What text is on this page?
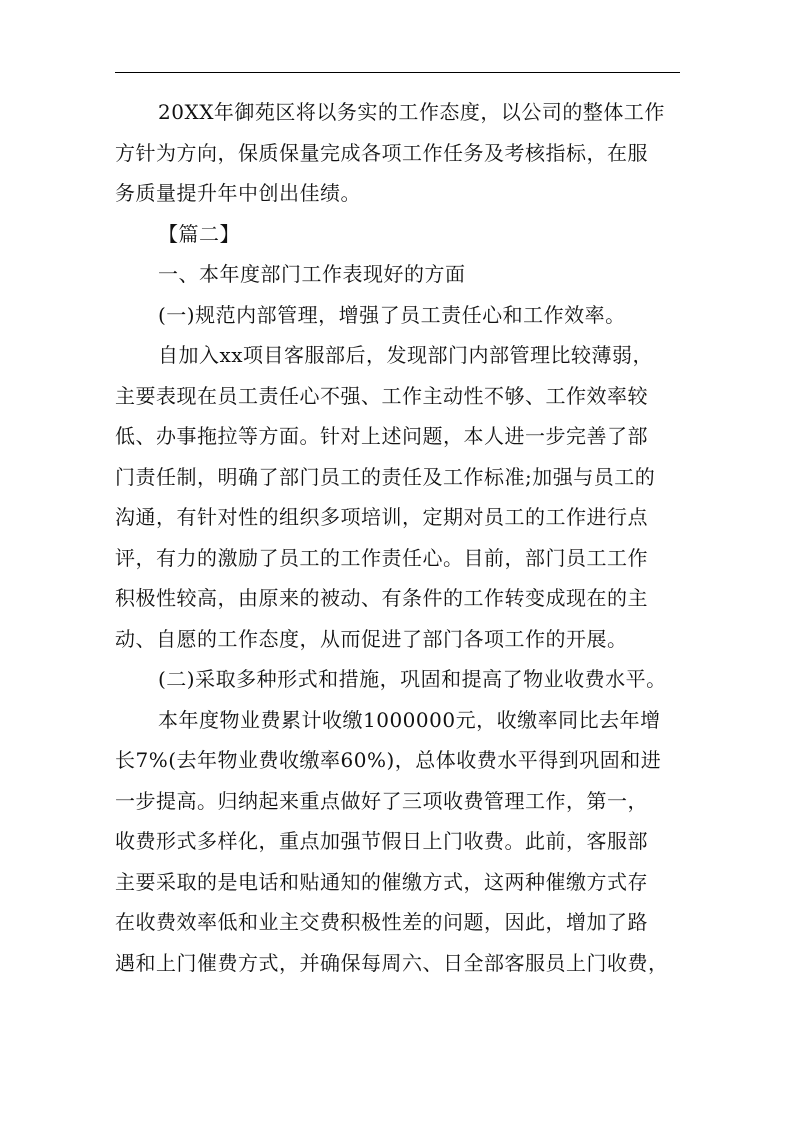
20XX年御苑区将以务实的工作态度，以公司的整体工作
方针为方向，保质保量完成各项工作任务及考核指标，在服
务质量提升年中创出佳绩。
【篇二】
一、本年度部门工作表现好的方面
(一)规范内部管理，增强了员工责任心和工作效率。
自加入xx项目客服部后，发现部门内部管理比较薄弱，
主要表现在员工责任心不强、工作主动性不够、工作效率较
低、办事拖拉等方面。针对上述问题，本人进一步完善了部
门责任制，明确了部门员工的责任及工作标准;加强与员工的
沟通，有针对性的组织多项培训，定期对员工的工作进行点
评，有力的激励了员工的工作责任心。目前，部门员工工作
积极性较高，由原来的被动、有条件的工作转变成现在的主
动、自愿的工作态度，从而促进了部门各项工作的开展。
(二)采取多种形式和措施，巩固和提高了物业收费水平。
本年度物业费累计收缴1000000元，收缴率同比去年增
长7%(去年物业费收缴率60%)，总体收费水平得到巩固和进
一步提高。归纳起来重点做好了三项收费管理工作，第一，
收费形式多样化，重点加强节假日上门收费。此前，客服部
主要采取的是电话和贴通知的催缴方式，这两种催缴方式存
在收费效率低和业主交费积极性差的问题，因此，增加了路
遇和上门催费方式，并确保每周六、日全部客服员上门收费，
